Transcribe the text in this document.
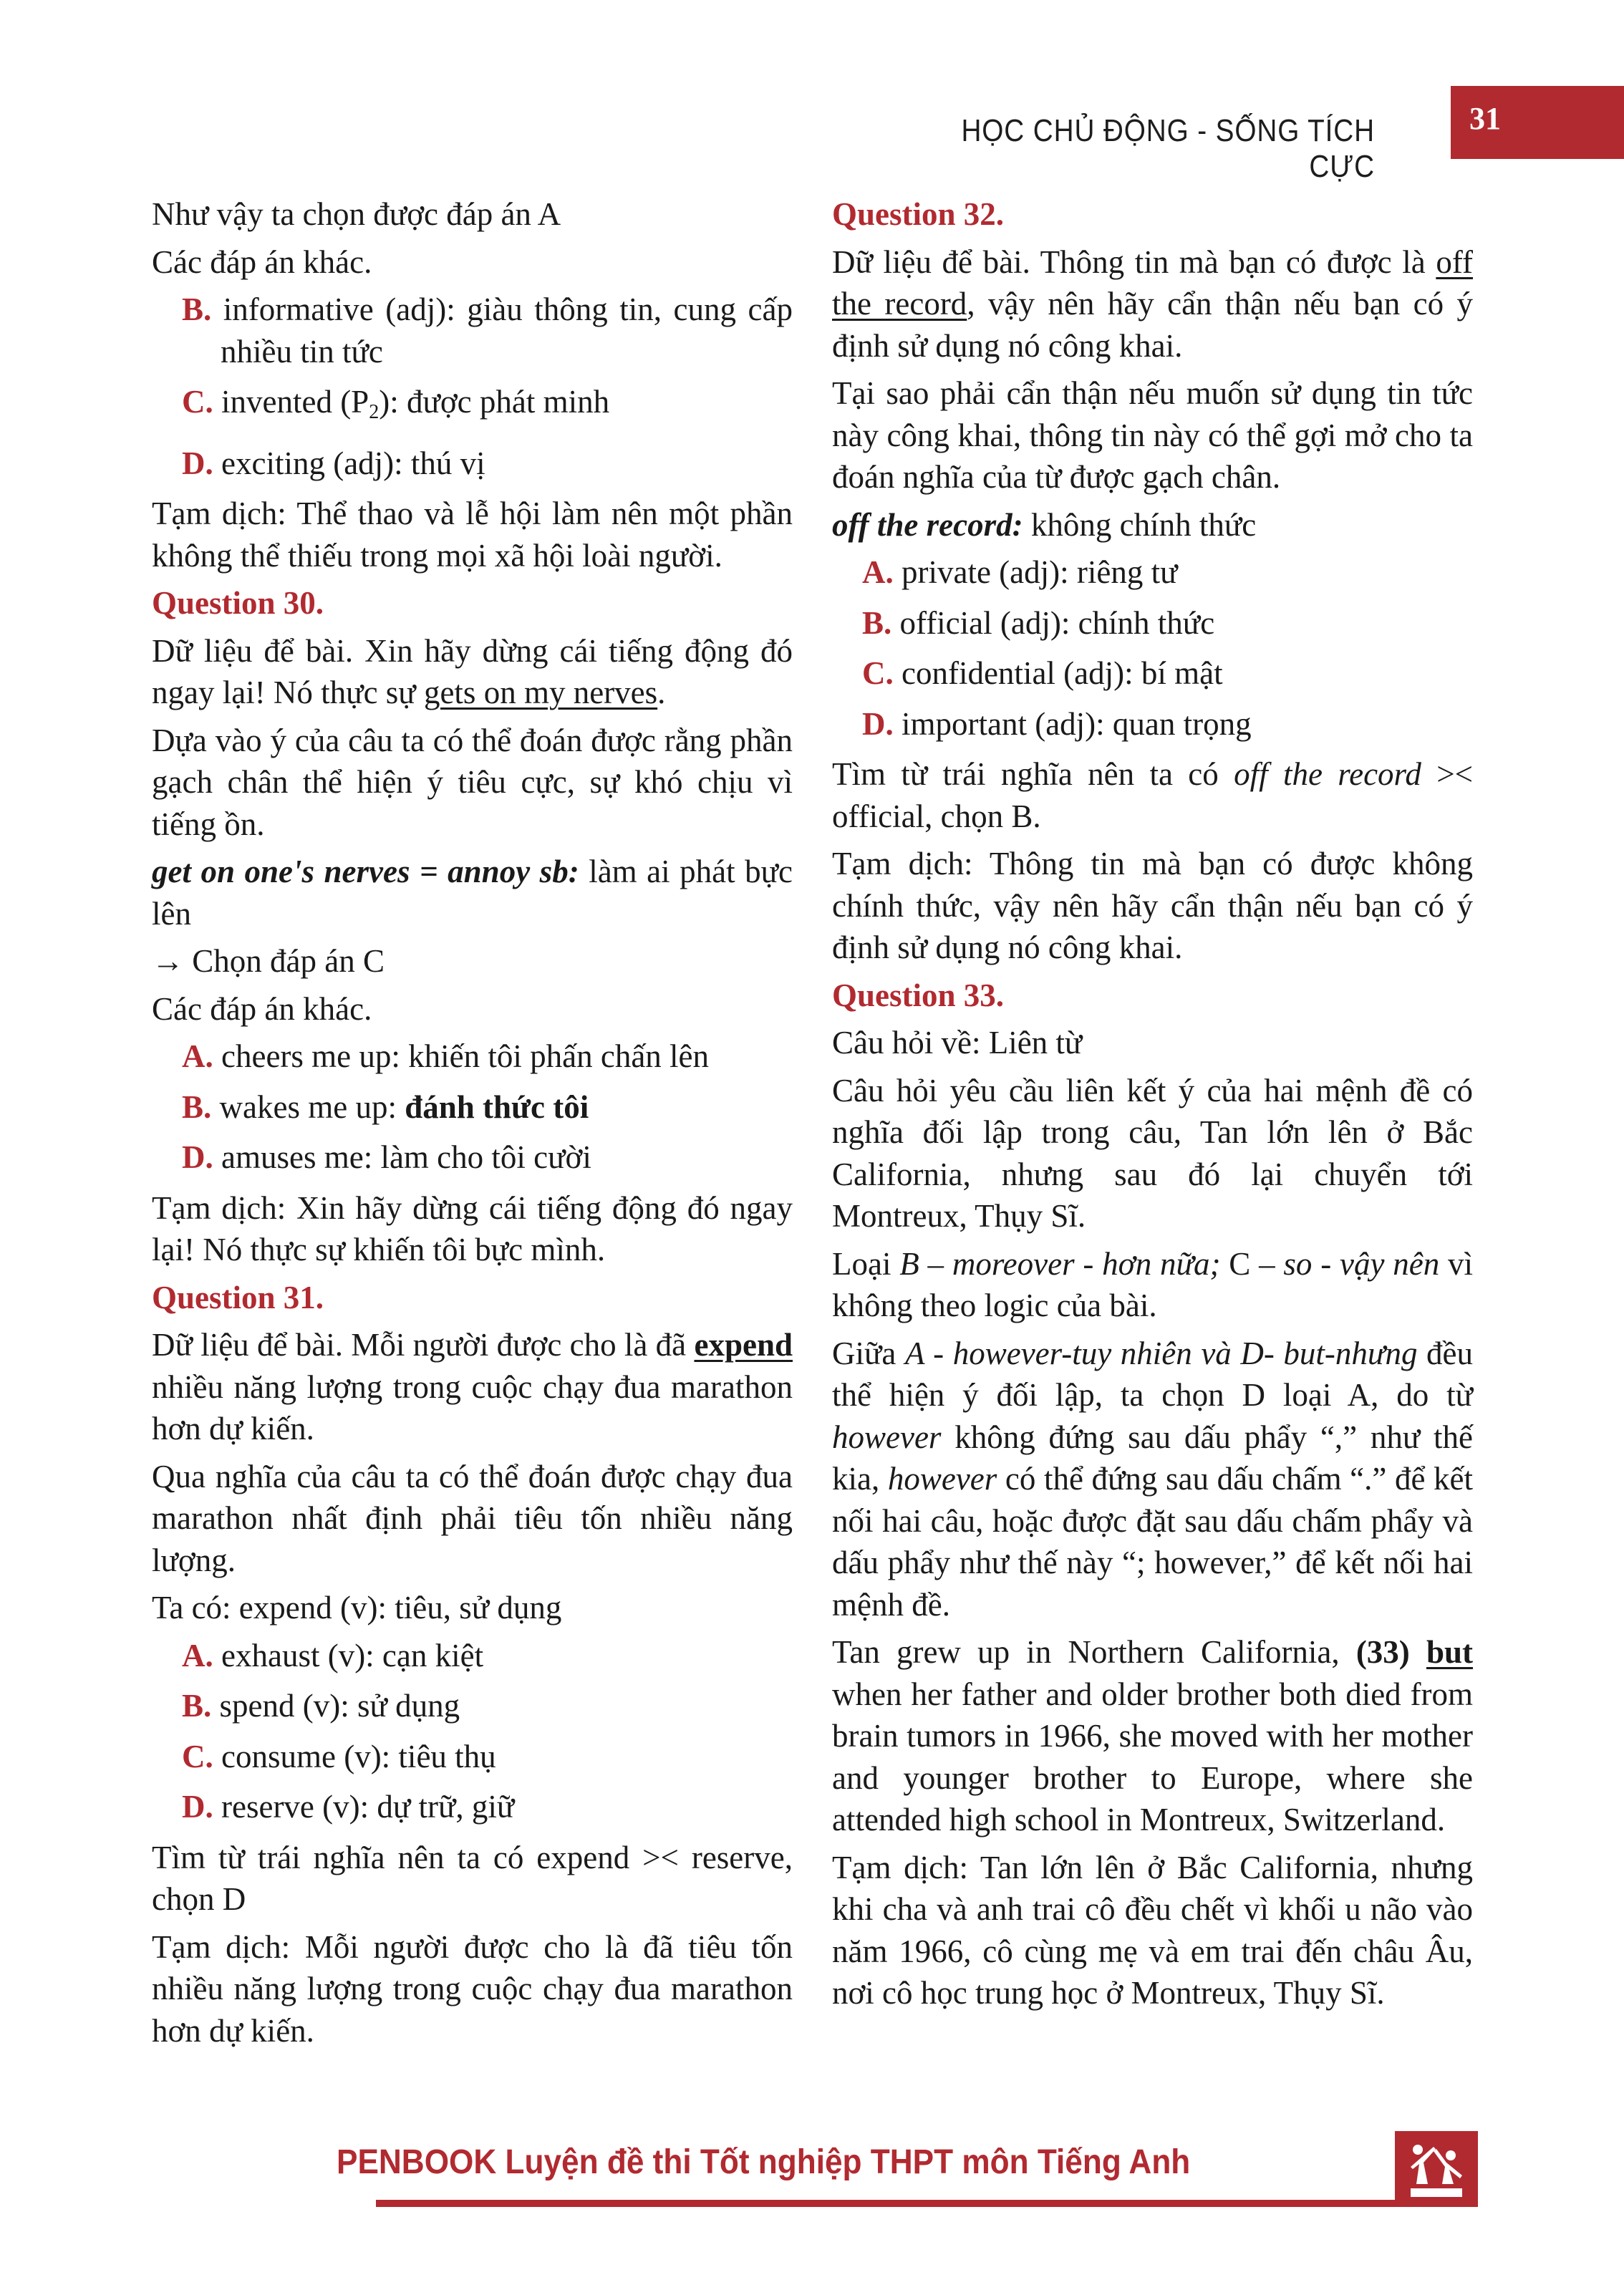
HỌC CHỦ ĐỘNG - SỐNG TÍCH CỰC
31

Như vậy ta chọn được đáp án A

Các đáp án khác.

B. informative (adj): giàu thông tin, cung cấp nhiều tin tức

C. invented $(P_2)$: được phát minh

D. exciting (adj): thú vị

Tạm dịch: Thể thao và lễ hội làm nên một phần không thể thiếu trong mọi xã hội loài người.

Question 30.

Dữ liệu để bài. Xin hãy dừng cái tiếng động đó ngay lại! Nó thực sự gets on my nerves.

Dựa vào ý của câu ta có thể đoán được rằng phần gạch chân thể hiện ý tiêu cực, sự khó chịu vì tiếng ồn.

get on one's nerves = annoy sb: làm ai phát bực lên

→ Chọn đáp án C

Các đáp án khác.

A. cheers me up: khiến tôi phấn chấn lên

B. wakes me up: đánh thức tôi

D. amuses me: làm cho tôi cười

Tạm dịch: Xin hãy dừng cái tiếng động đó ngay lại! Nó thực sự khiến tôi bực mình.

Question 31.

Dữ liệu để bài. Mỗi người được cho là đã expend nhiều năng lượng trong cuộc chạy đua marathon hơn dự kiến.

Qua nghĩa của câu ta có thể đoán được chạy đua marathon nhất định phải tiêu tốn nhiều năng lượng.

Ta có: expend (v): tiêu, sử dụng

A. exhaust (v): cạn kiệt

B. spend (v): sử dụng

C. consume (v): tiêu thụ

D. reserve (v): dự trữ, giữ

Tìm từ trái nghĩa nên ta có expend >< reserve, chọn D

Tạm dịch: Mỗi người được cho là đã tiêu tốn nhiều năng lượng trong cuộc chạy đua marathon hơn dự kiến.

Question 32.

Dữ liệu để bài. Thông tin mà bạn có được là off the record, vậy nên hãy cẩn thận nếu bạn có ý định sử dụng nó công khai.

Tại sao phải cẩn thận nếu muốn sử dụng tin tức này công khai, thông tin này có thể gợi mở cho ta đoán nghĩa của từ được gạch chân.

off the record: không chính thức

A. private (adj): riêng tư

B. official (adj): chính thức

C. confidential (adj): bí mật

D. important (adj): quan trọng

Tìm từ trái nghĩa nên ta có off the record >< official, chọn B.

Tạm dịch: Thông tin mà bạn có được không chính thức, vậy nên hãy cẩn thận nếu bạn có ý định sử dụng nó công khai.

Question 33.

Câu hỏi về: Liên từ

Câu hỏi yêu cầu liên kết ý của hai mệnh đề có nghĩa đối lập trong câu, Tan lớn lên ở Bắc California, nhưng sau đó lại chuyển tới Montreux, Thụy Sĩ.

Loại B – moreover - hơn nữa; C – so - vậy nên vì không theo logic của bài.

Giữa A - however-tuy nhiên và D- but-nhưng đều thể hiện ý đối lập, ta chọn D loại A, do từ however không đứng sau dấu phẩy “,” như thế kia, however có thể đứng sau dấu chấm “.” để kết nối hai câu, hoặc được đặt sau dấu chấm phẩy và dấu phẩy như thế này “; however,” để kết nối hai mệnh đề.

Tan grew up in Northern California, (33) but when her father and older brother both died from brain tumors in 1966, she moved with her mother and younger brother to Europe, where she attended high school in Montreux, Switzerland.

Tạm dịch: Tan lớn lên ở Bắc California, nhưng khi cha và anh trai cô đều chết vì khối u não vào năm 1966, cô cùng mẹ và em trai đến châu Âu, nơi cô học trung học ở Montreux, Thụy Sĩ.

PENBOOK Luyện đề thi Tốt nghiệp THPT môn Tiếng Anh
